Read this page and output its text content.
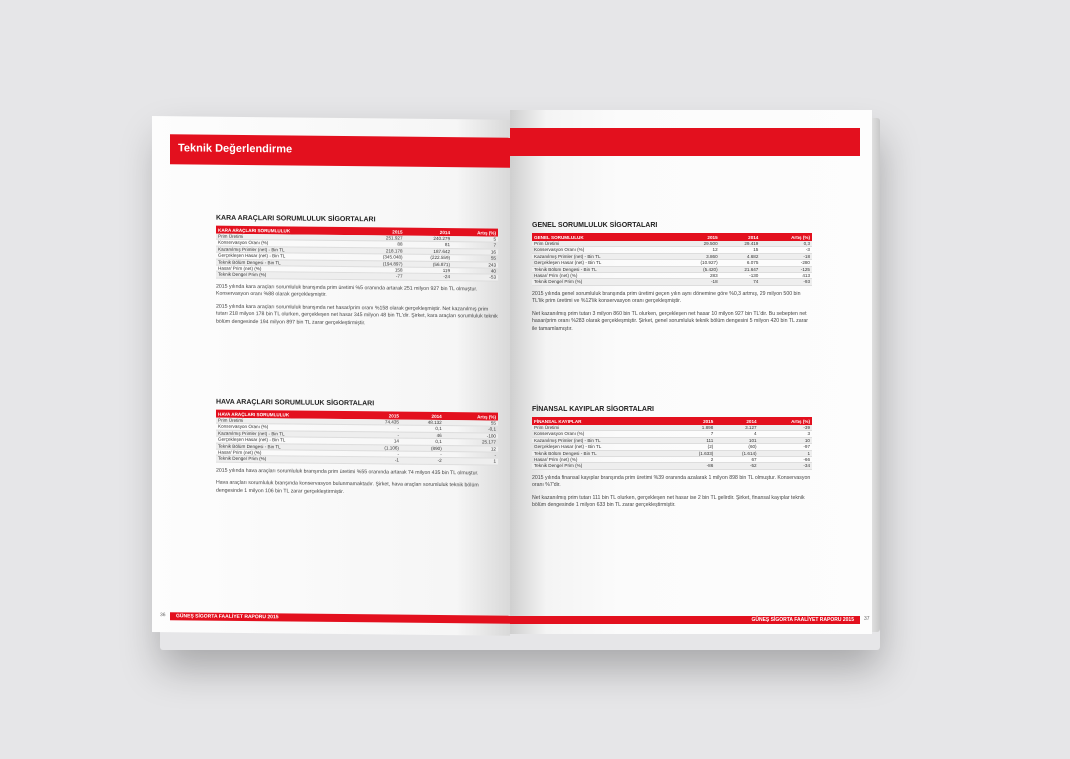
Teknik Değerlendirme
KARA ARAÇLARI SORUMLULUK SİGORTALARI
KARA ARAÇLARI SORUMLULUK	2015	2014	Artış (%)
Prim Üretimi	251.927	240.279	5
Konservasyon Oranı (%)	88	81	7
Kazanılmış Primler (net) - Bin TL	218.178	187.642	16
Gerçekleşen Hasar (net) - Bin TL	(345.048)	(222.559)	55
Teknik Bölüm Dengesi - Bin TL	(194.897)	(56.871)	243
Hasar/ Prim (net) (%)	158	119	40
Teknik Denge/ Prim (%)	-77	-24	-53

2015 yılında kara araçları sorumluluk branşında prim üretimi %5 oranında artarak 251 milyon 927 bin TL olmuştur. Konservasyon oranı %88 olarak gerçekleşmiştir.

2015 yılında kara araçları sorumluluk branşında net hasar/prim oranı %158 olarak gerçekleşmiştir. Net kazanılmış prim tutarı 218 milyon 178 bin TL olurken, gerçekleşen net hasar 345 milyon 48 bin TL'dir. Şirket, kara araçları sorumluluk teknik bölüm dengesinde 194 milyon 897 bin TL zarar gerçekleştirmiştir.

HAVA ARAÇLARI SORUMLULUK SİGORTALARI
HAVA ARAÇLARI SORUMLULUK	2015	2014	Artış (%)
Prim Üretimi	74.435	48.132	55
Konservasyon Oranı (%)	-	0,1	-0,1
Kazanılmış Primler (net) - Bin TL	-	46	-100
Gerçekleşen Hasar (net) - Bin TL	14	0,1	25.177
Teknik Bölüm Dengesi - Bin TL	(1.106)	(890)	12
Hasar/ Prim (net) (%)	-	-	-
Teknik Denge/ Prim (%)	-1	-2	1

2015 yılında hava araçları sorumluluk branşında prim üretimi %55 oranında artarak 74 milyon 435 bin TL olmuştur.

Hava araçları sorumluluk branşında konservasyon bulunmamaktadır. Şirket, hava araçları sorumluluk teknik bölüm dengesinde 1 milyon 106 bin TL zarar gerçekleştirmiştir.

36 GÜNEŞ SİGORTA FAALİYET RAPORU 2015
GENEL SORUMLULUK SİGORTALARI
GENEL SORUMLULUK	2015	2014	Artış (%)
Prim Üretimi	29.500	29.419	0,3
Konservasyon Oranı (%)	12	15	-3
Kazanılmış Primler (net) - Bin TL	3.860	4.682	-18
Gerçekleşen Hasar (net) - Bin TL	(10.927)	6.075	-280
Teknik Bölüm Dengesi - Bin TL	(5.420)	21.647	-125
Hasar/ Prim (net) (%)	283	-130	413
Teknik Denge/ Prim (%)	-18	74	-93

2015 yılında genel sorumluluk branşında prim üretimi geçen yılın aynı dönemine göre %0,3 artmış, 29 milyon 500 bin TL'lik prim üretimi ve %12'lik konservasyon oranı gerçekleşmiştir.

Net kazanılmış prim tutarı 3 milyon 860 bin TL olurken, gerçekleşen net hasar 10 milyon 927 bin TL'dir. Bu sebepten net hasar/prim oranı %283 olarak gerçekleşmiştir. Şirket, genel sorumluluk teknik bölüm dengesini 5 milyon 420 bin TL zarar ile tamamlamıştır.

FİNANSAL KAYIPLAR SİGORTALARI
FİNANSAL KAYIPLAR	2015	2014	Artış (%)
Prim Üretimi	1.898	3.127	-39
Konservasyon Oranı (%)	7	4	3
Kazanılmış Primler (net) - Bin TL	111	101	10
Gerçekleşen Hasar (net) - Bin TL	(2)	(60)	-97
Teknik Bölüm Dengesi - Bin TL	(1.633)	(1.614)	1
Hasar/ Prim (net) (%)	2	67	-66
Teknik Denge/ Prim (%)	-86	-52	-34

2015 yılında finansal kayıplar branşında prim üretimi %39 oranında azalarak 1 milyon 898 bin TL olmuştur. Konservasyon oranı %7'dir.

Net kazanılmış prim tutarı 111 bin TL olurken, gerçekleşen net hasar ise 2 bin TL gelirdir. Şirket, finansal kayıplar teknik bölüm dengesinde 1 milyon 633 bin TL zarar gerçekleştirmiştir.

GÜNEŞ SİGORTA FAALİYET RAPORU 2015 37
